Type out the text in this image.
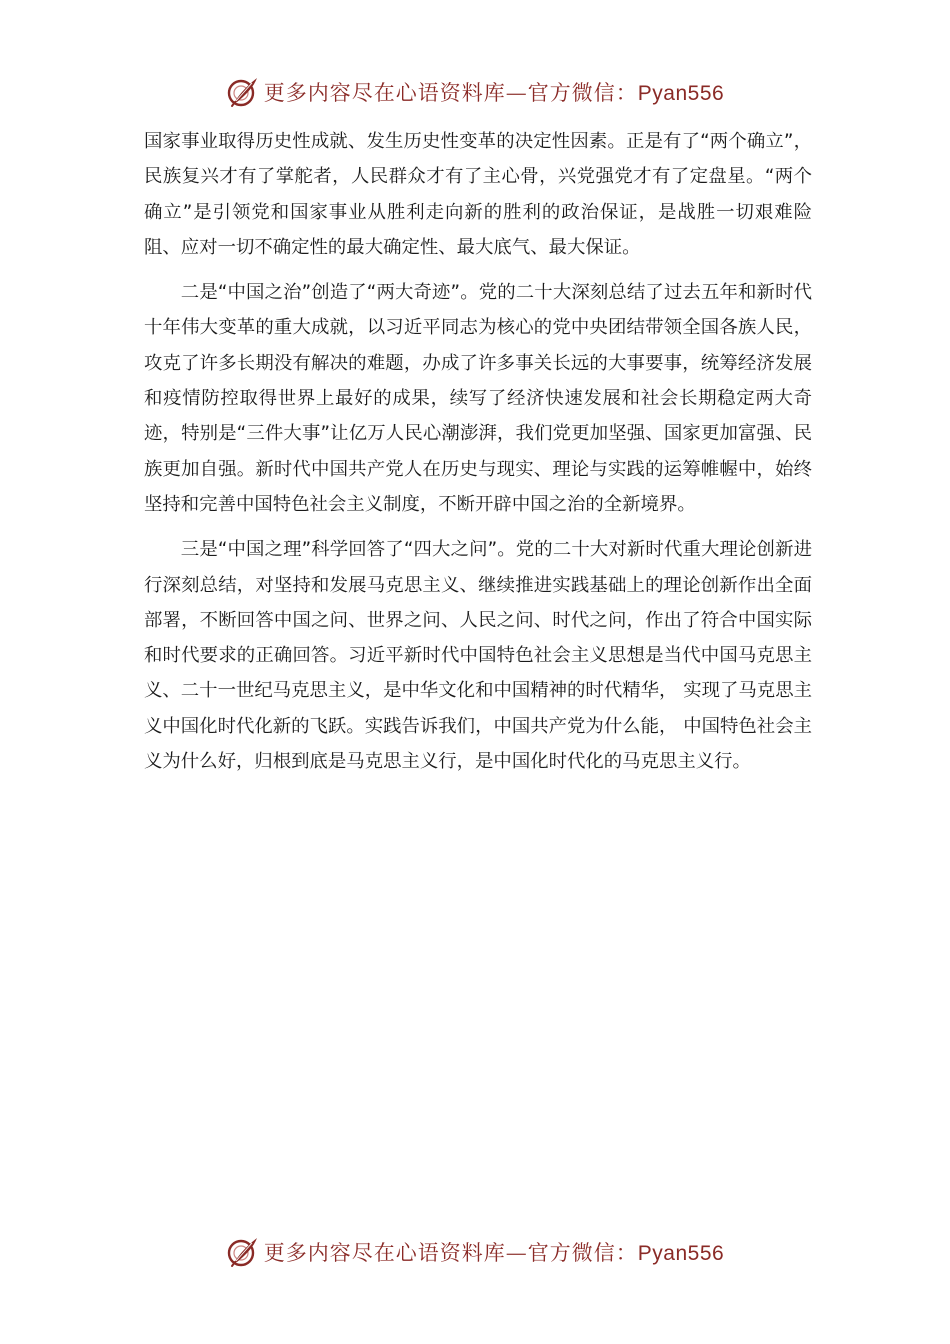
更多内容尽在心语资料库—官方微信：Pyan556

国家事业取得历史性成就、发生历史性变革的决定性因素。正是有了“两个确立”，民族复兴才有了掌舵者，人民群众才有了主心骨，兴党强党才有了定盘星。“两个确立”是引领党和国家事业从胜利走向新的胜利的政治保证，是战胜一切艰难险阻、应对一切不确定性的最大确定性、最大底气、最大保证。

二是“中国之治”创造了“两大奇迹”。党的二十大深刻总结了过去五年和新时代十年伟大变革的重大成就，以习近平同志为核心的党中央团结带领全国各族人民，攻克了许多长期没有解决的难题，办成了许多事关长远的大事要事，统筹经济发展和疫情防控取得世界上最好的成果，续写了经济快速发展和社会长期稳定两大奇迹，特别是“三件大事”让亿万人民心潮澎湃，我们党更加坚强、国家更加富强、民族更加自强。新时代中国共产党人在历史与现实、理论与实践的运筹帷幄中，始终坚持和完善中国特色社会主义制度，不断开辟中国之治的全新境界。

三是“中国之理”科学回答了“四大之问”。党的二十大对新时代重大理论创新进行深刻总结，对坚持和发展马克思主义、继续推进实践基础上的理论创新作出全面部署，不断回答中国之问、世界之问、人民之问、时代之问，作出了符合中国实际和时代要求的正确回答。习近平新时代中国特色社会主义思想是当代中国马克思主义、二十一世纪马克思主义，是中华文化和中国精神的时代精华， 实现了马克思主义中国化时代化新的飞跃。实践告诉我们，中国共产党为什么能， 中国特色社会主义为什么好，归根到底是马克思主义行，是中国化时代化的马克思主义行。

更多内容尽在心语资料库—官方微信：Pyan556
